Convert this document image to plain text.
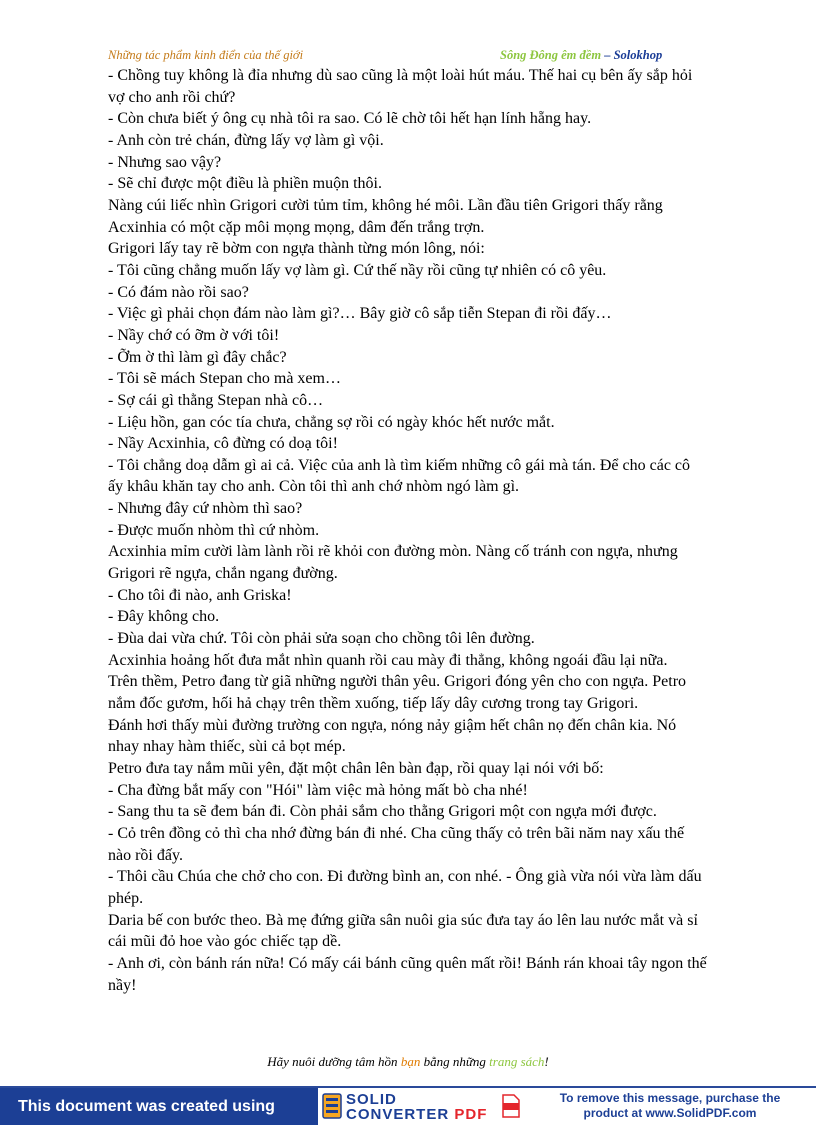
Những tác phẩm kinh điển của thế giới	Sông Đông êm đềm – Solokhop

- Chồng tuy không là đỉa nhưng dù sao cũng là một loài hút máu. Thế hai cụ bên ấy sắp hỏi vợ cho anh rồi chứ?

- Còn chưa biết ý ông cụ nhà tôi ra sao. Có lẽ chờ tôi hết hạn lính hẵng hay.

- Anh còn trẻ chán, đừng lấy vợ làm gì vội.

- Nhưng sao vậy?

- Sẽ chỉ được một điều là phiền muộn thôi.

Nàng cúi liếc nhìn Grigori cười tủm tỉm, không hé môi. Lần đầu tiên Grigori thấy rằng Acxinhia có một cặp môi mọng mọng, dâm đến trắng trợn.

Grigori lấy tay rẽ bờm con ngựa thành từng món lông, nói:

- Tôi cũng chẳng muốn lấy vợ làm gì. Cứ thế nầy rồi cũng tự nhiên có cô yêu.

- Có đám nào rồi sao?

- Việc gì phải chọn đám nào làm gì?… Bây giờ cô sắp tiễn Stepan đi rồi đấy…

- Nầy chớ có ỡm ờ với tôi!

- Ỡm ờ thì làm gì đây chắc?

- Tôi sẽ mách Stepan cho mà xem…

- Sợ cái gì thằng Stepan nhà cô…

- Liệu hồn, gan cóc tía chưa, chẳng sợ rồi có ngày khóc hết nước mắt.

- Nầy Acxinhia, cô đừng có doạ tôi!

- Tôi chẳng doạ dẫm gì ai cả. Việc của anh là tìm kiếm những cô gái mà tán. Để cho các cô ấy khâu khăn tay cho anh. Còn tôi thì anh chớ nhòm ngó làm gì.

- Nhưng đây cứ nhòm thì sao?

- Được muốn nhòm thì cứ nhòm.

Acxinhia mỉm cười làm lành rồi rẽ khỏi con đường mòn. Nàng cố tránh con ngựa, nhưng Grigori rẽ ngựa, chắn ngang đường.

- Cho tôi đi nào, anh Griska!

- Đây không cho.

- Đùa dai vừa chứ. Tôi còn phải sửa soạn cho chồng tôi lên đường.

Acxinhia hoảng hốt đưa mắt nhìn quanh rồi cau mày đi thẳng, không ngoái đầu lại nữa.

Trên thềm, Petro đang từ giã những người thân yêu. Grigori đóng yên cho con ngựa. Petro nắm đốc gươm, hối hả chạy trên thềm xuống, tiếp lấy dây cương trong tay Grigori.

Đánh hơi thấy mùi đường trường con ngựa, nóng nảy giậm hết chân nọ đến chân kia. Nó nhay nhay hàm thiếc, sùi cả bọt mép.

Petro đưa tay nắm mũi yên, đặt một chân lên bàn đạp, rồi quay lại nói với bố:

- Cha đừng bắt mấy con "Hói" làm việc mà hỏng mất bò cha nhé!

- Sang thu ta sẽ đem bán đi. Còn phải sắm cho thằng Grigori một con ngựa mới được.

- Cỏ trên đồng cỏ thì cha nhớ đừng bán đi nhé. Cha cũng thấy cỏ trên bãi năm nay xấu thế nào rồi đấy.

- Thôi cầu Chúa che chở cho con. Đi đường bình an, con nhé. - Ông già vừa nói vừa làm dấu phép.

Daria bế con bước theo. Bà mẹ đứng giữa sân nuôi gia súc đưa tay áo lên lau nước mắt và sỉ cái mũi đỏ hoe vào góc chiếc tạp dề.

- Anh ơi, còn bánh rán nữa! Có mấy cái bánh cũng quên mất rồi! Bánh rán khoai tây ngon thế nầy!

Hãy nuôi dưỡng tâm hồn bạn bằng những trang sách!
This document was created using	SOLID
CONVERTER PDF
To remove this message, purchase the
product at www.SolidPDF.com
